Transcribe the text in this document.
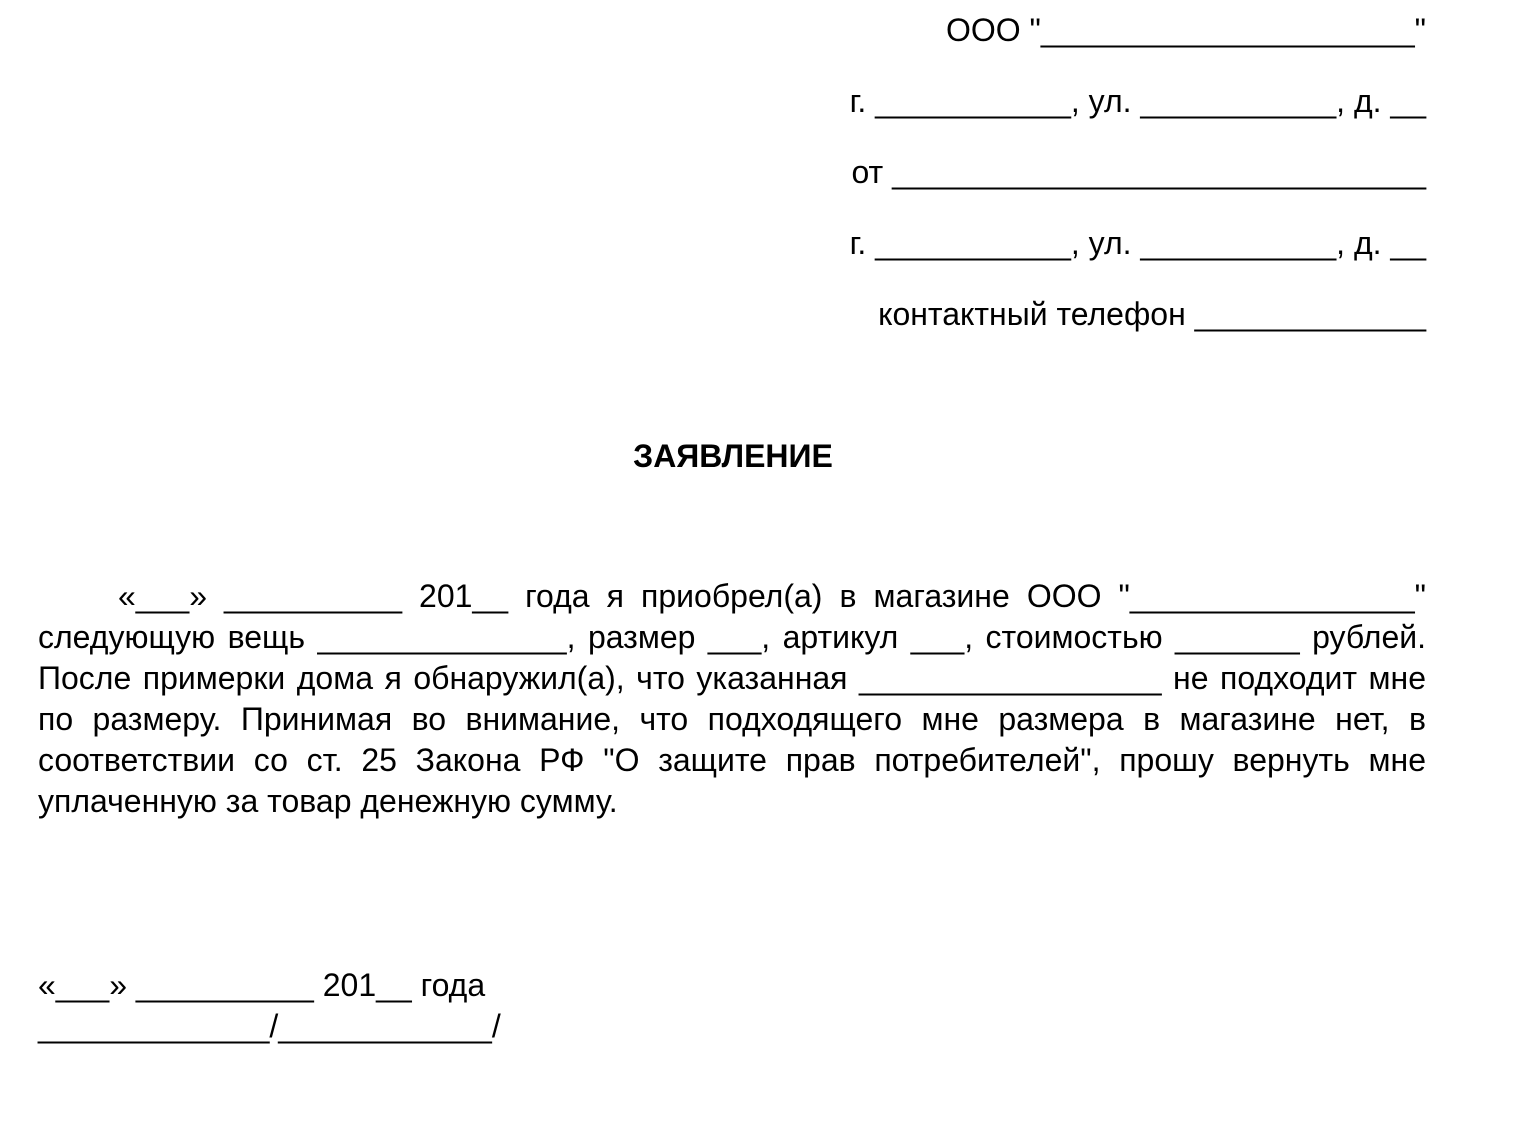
ООО "_____________________"
г. ___________, ул. ___________, д. __
от ______________________________
г. ___________, ул. ___________, д. __
контактный телефон _____________
ЗАЯВЛЕНИЕ

«___» __________ 201__ года я приобрел(а) в магазине ООО "________________" следующую вещь ______________, размер ___, артикул ___, стоимостью _______ рублей. После примерки дома я обнаружил(а), что указанная _________________ не подходит мне по размеру. Принимая во внимание, что подходящего мне размера в магазине нет, в соответствии со ст. 25 Закона РФ "О защите прав потребителей", прошу вернуть мне уплаченную за товар денежную сумму.

«___» __________ 201__ года
_____________/____________/
